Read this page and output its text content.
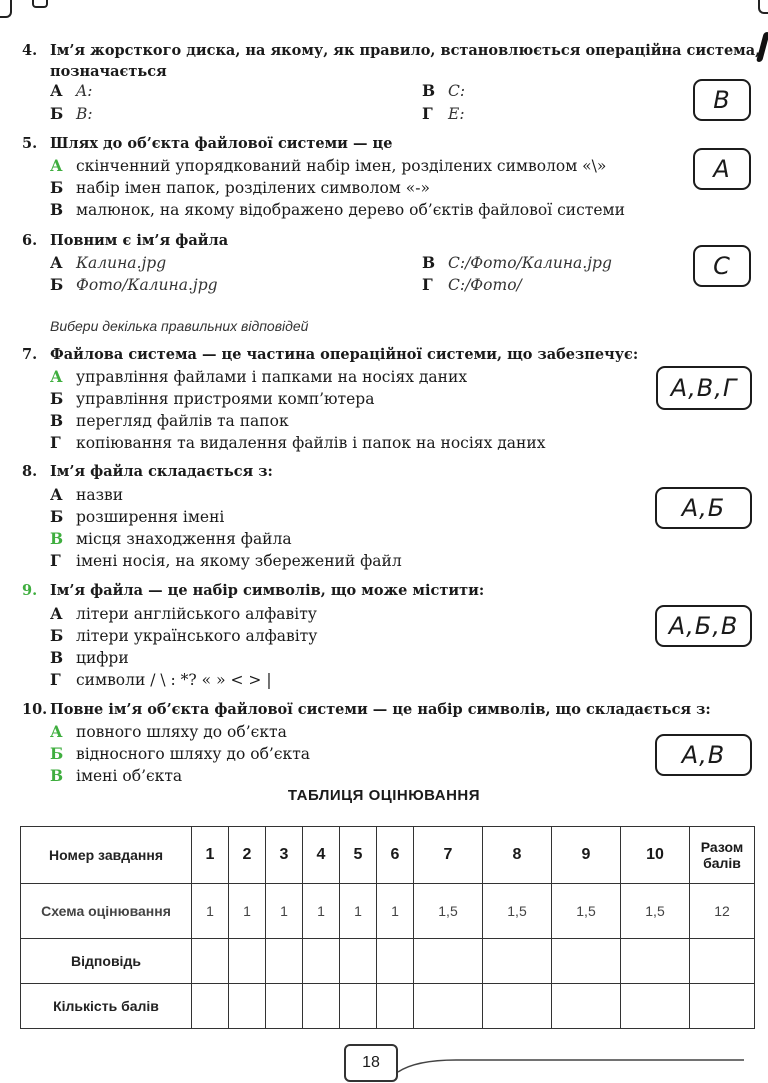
4. Ім’я жорсткого диска, на якому, як правило, встановлюється операційна система,
позначається
А A:
Б B:
В C:
Г E:	В
5. Шлях до об’єкта файлової системи — це
А скінченний упорядкований набір імен, розділених символом «\»
Б набір імен папок, розділених символом «-»
В малюнок, на якому відображено дерево об’єктів файлової системи
А
6. Повним є ім’я файла
А Калина.jpg
Б Фото/Калина.jpg
В C:/Фото/Калина.jpg
Г C:/Фото/
С
Вибери декілька правильних відповідей
7. Файлова система — це частина операційної системи, що забезпечує:
А управління файлами і папками на носіях даних
Б управління пристроями комп’ютера
В перегляд файлів та папок
Г копіювання та видалення файлів і папок на носіях даних
А,В,Г
8. Ім’я файла складається з:
А назви
Б розширення імені
В місця знаходження файла
Г імені носія, на якому збережений файл
А,Б
9. Ім’я файла — це набір символів, що може містити:
А літери англійського алфавіту
Б літери українського алфавіту
В цифри
Г символи / \ : *? « » < > |
А,Б,В
10. Повне ім’я об’єкта файлової системи — це набір символів, що складається з:
А повного шляху до об’єкта
Б відносного шляху до об’єкта
В імені об’єкта
А,В
ТАБЛИЦЯ ОЦІНЮВАННЯ
Номер завдання	1	2	3	4	5	6	7	8	9	10	Разом балів
Схема оцінювання	1	1	1	1	1	1	1,5	1,5	1,5	1,5	12
Відповідь											
Кількість балів											
18
